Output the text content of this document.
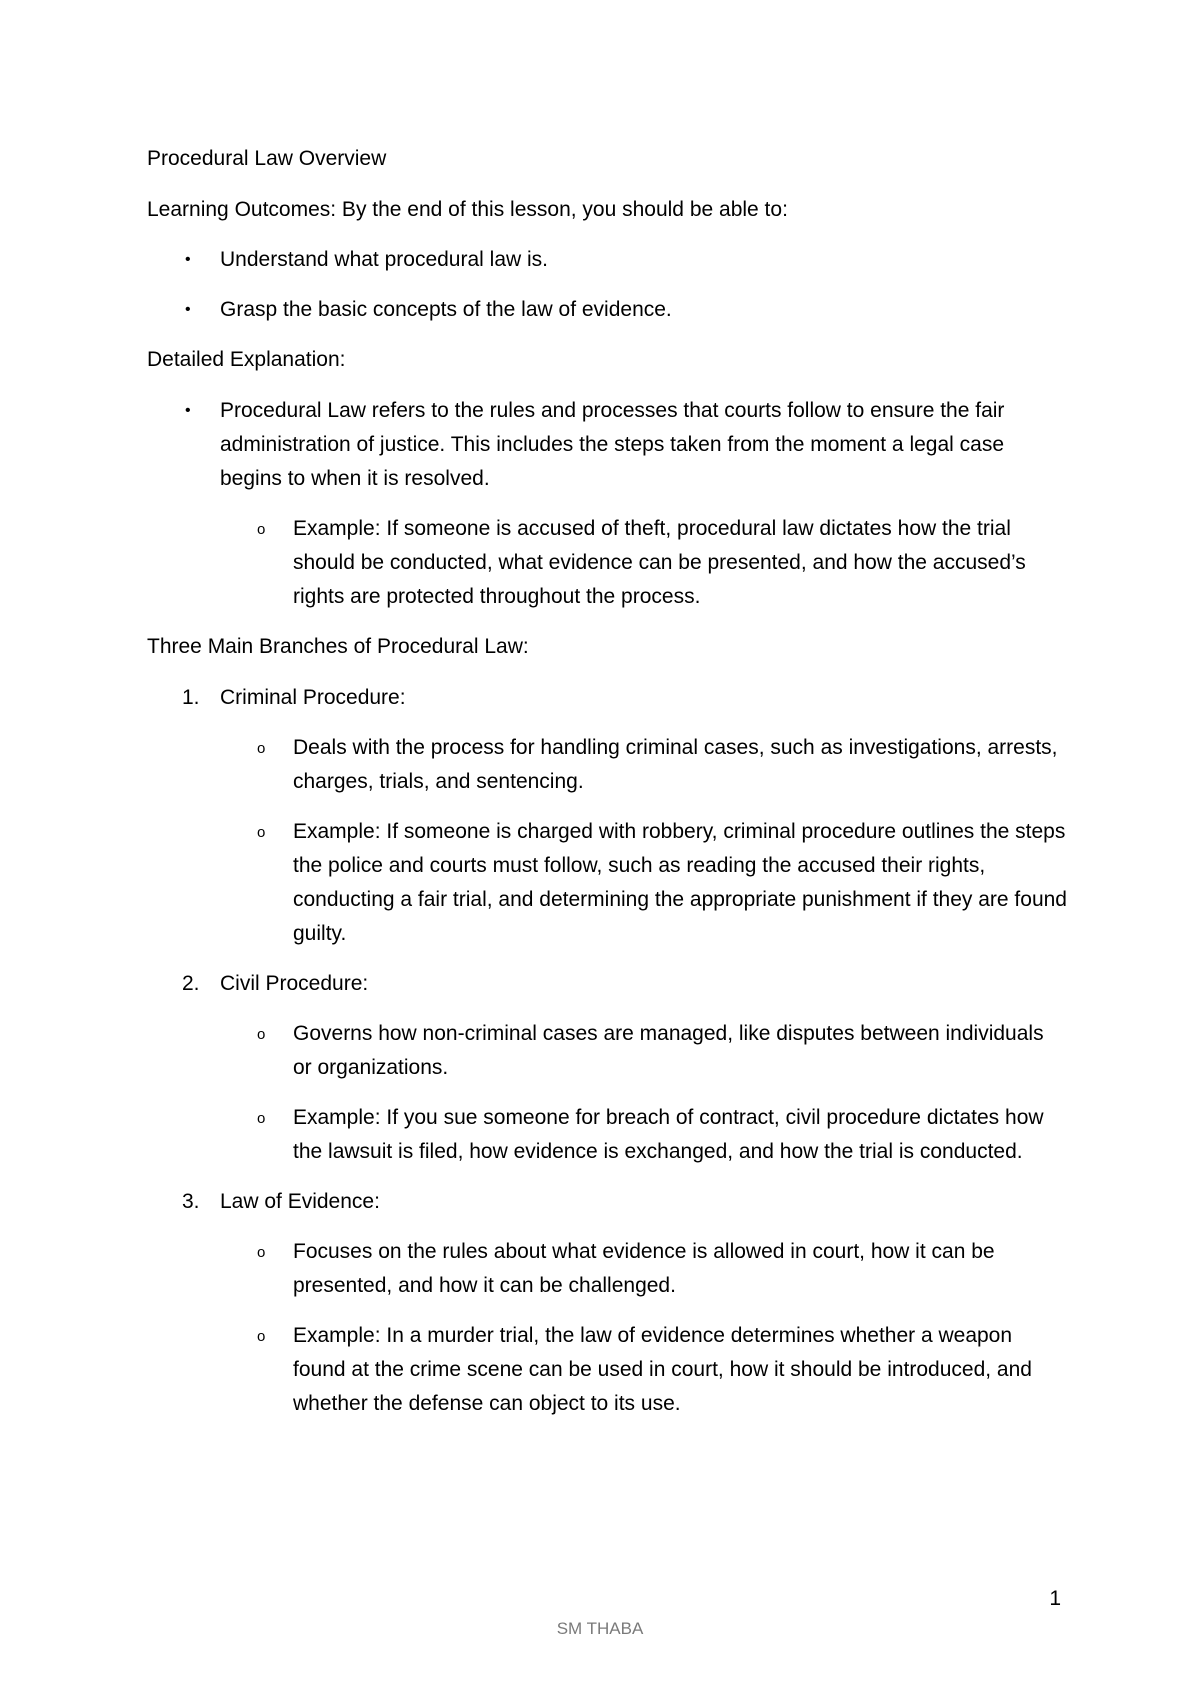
Procedural Law Overview

Learning Outcomes: By the end of this lesson, you should be able to:

• Understand what procedural law is.
• Grasp the basic concepts of the law of evidence.

Detailed Explanation:

• Procedural Law refers to the rules and processes that courts follow to ensure the fair administration of justice. This includes the steps taken from the moment a legal case begins to when it is resolved.
o Example: If someone is accused of theft, procedural law dictates how the trial should be conducted, what evidence can be presented, and how the accused’s rights are protected throughout the process.

Three Main Branches of Procedural Law:

1. Criminal Procedure:
o Deals with the process for handling criminal cases, such as investigations, arrests, charges, trials, and sentencing.
o Example: If someone is charged with robbery, criminal procedure outlines the steps the police and courts must follow, such as reading the accused their rights, conducting a fair trial, and determining the appropriate punishment if they are found guilty.
2. Civil Procedure:
o Governs how non-criminal cases are managed, like disputes between individuals or organizations.
o Example: If you sue someone for breach of contract, civil procedure dictates how the lawsuit is filed, how evidence is exchanged, and how the trial is conducted.
3. Law of Evidence:
o Focuses on the rules about what evidence is allowed in court, how it can be presented, and how it can be challenged.
o Example: In a murder trial, the law of evidence determines whether a weapon found at the crime scene can be used in court, how it should be introduced, and whether the defense can object to its use.
1
SM THABA
